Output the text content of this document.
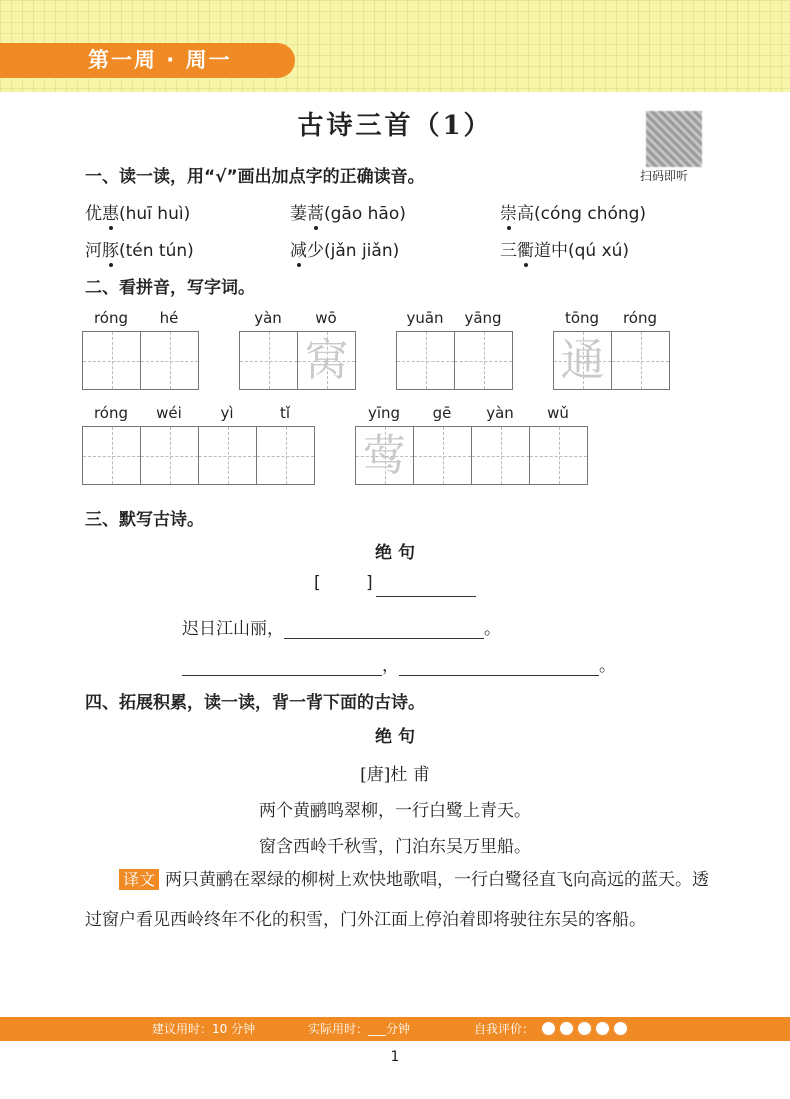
第一周 · 周一
古诗三首（1）
扫码即听
一、读一读，用“√”画出加点字的正确读音。
优惠(huī huì)	萋蒿(gāo hāo)	崇高(cóng chóng)
河豚(tén tún)	减少(jǎn jiǎn)	三衢道中(qú xú)
二、看拼音，写字词。
róng	hé	yàn	wō
窝
yuān	yāng	tōng	róng
通
róng	wéi	yì	tǐ	yīng	gē	yàn	wǔ
莺
三、默写古诗。
绝 句
[	]
迟日江山丽，	。
，	。
四、拓展积累，读一读，背一背下面的古诗。
绝 句
[唐]杜 甫
两个黄鹂鸣翠柳，一行白鹭上青天。
窗含西岭千秋雪，门泊东吴万里船。
译文 两只黄鹂在翠绿的柳树上欢快地歌唱，一行白鹭径直飞向高远的蓝天。透过窗户看见西岭终年不化的积雪，门外江面上停泊着即将驶往东吴的客船。
建议用时：10 分钟	实际用时：___分钟	自我评价：
1
